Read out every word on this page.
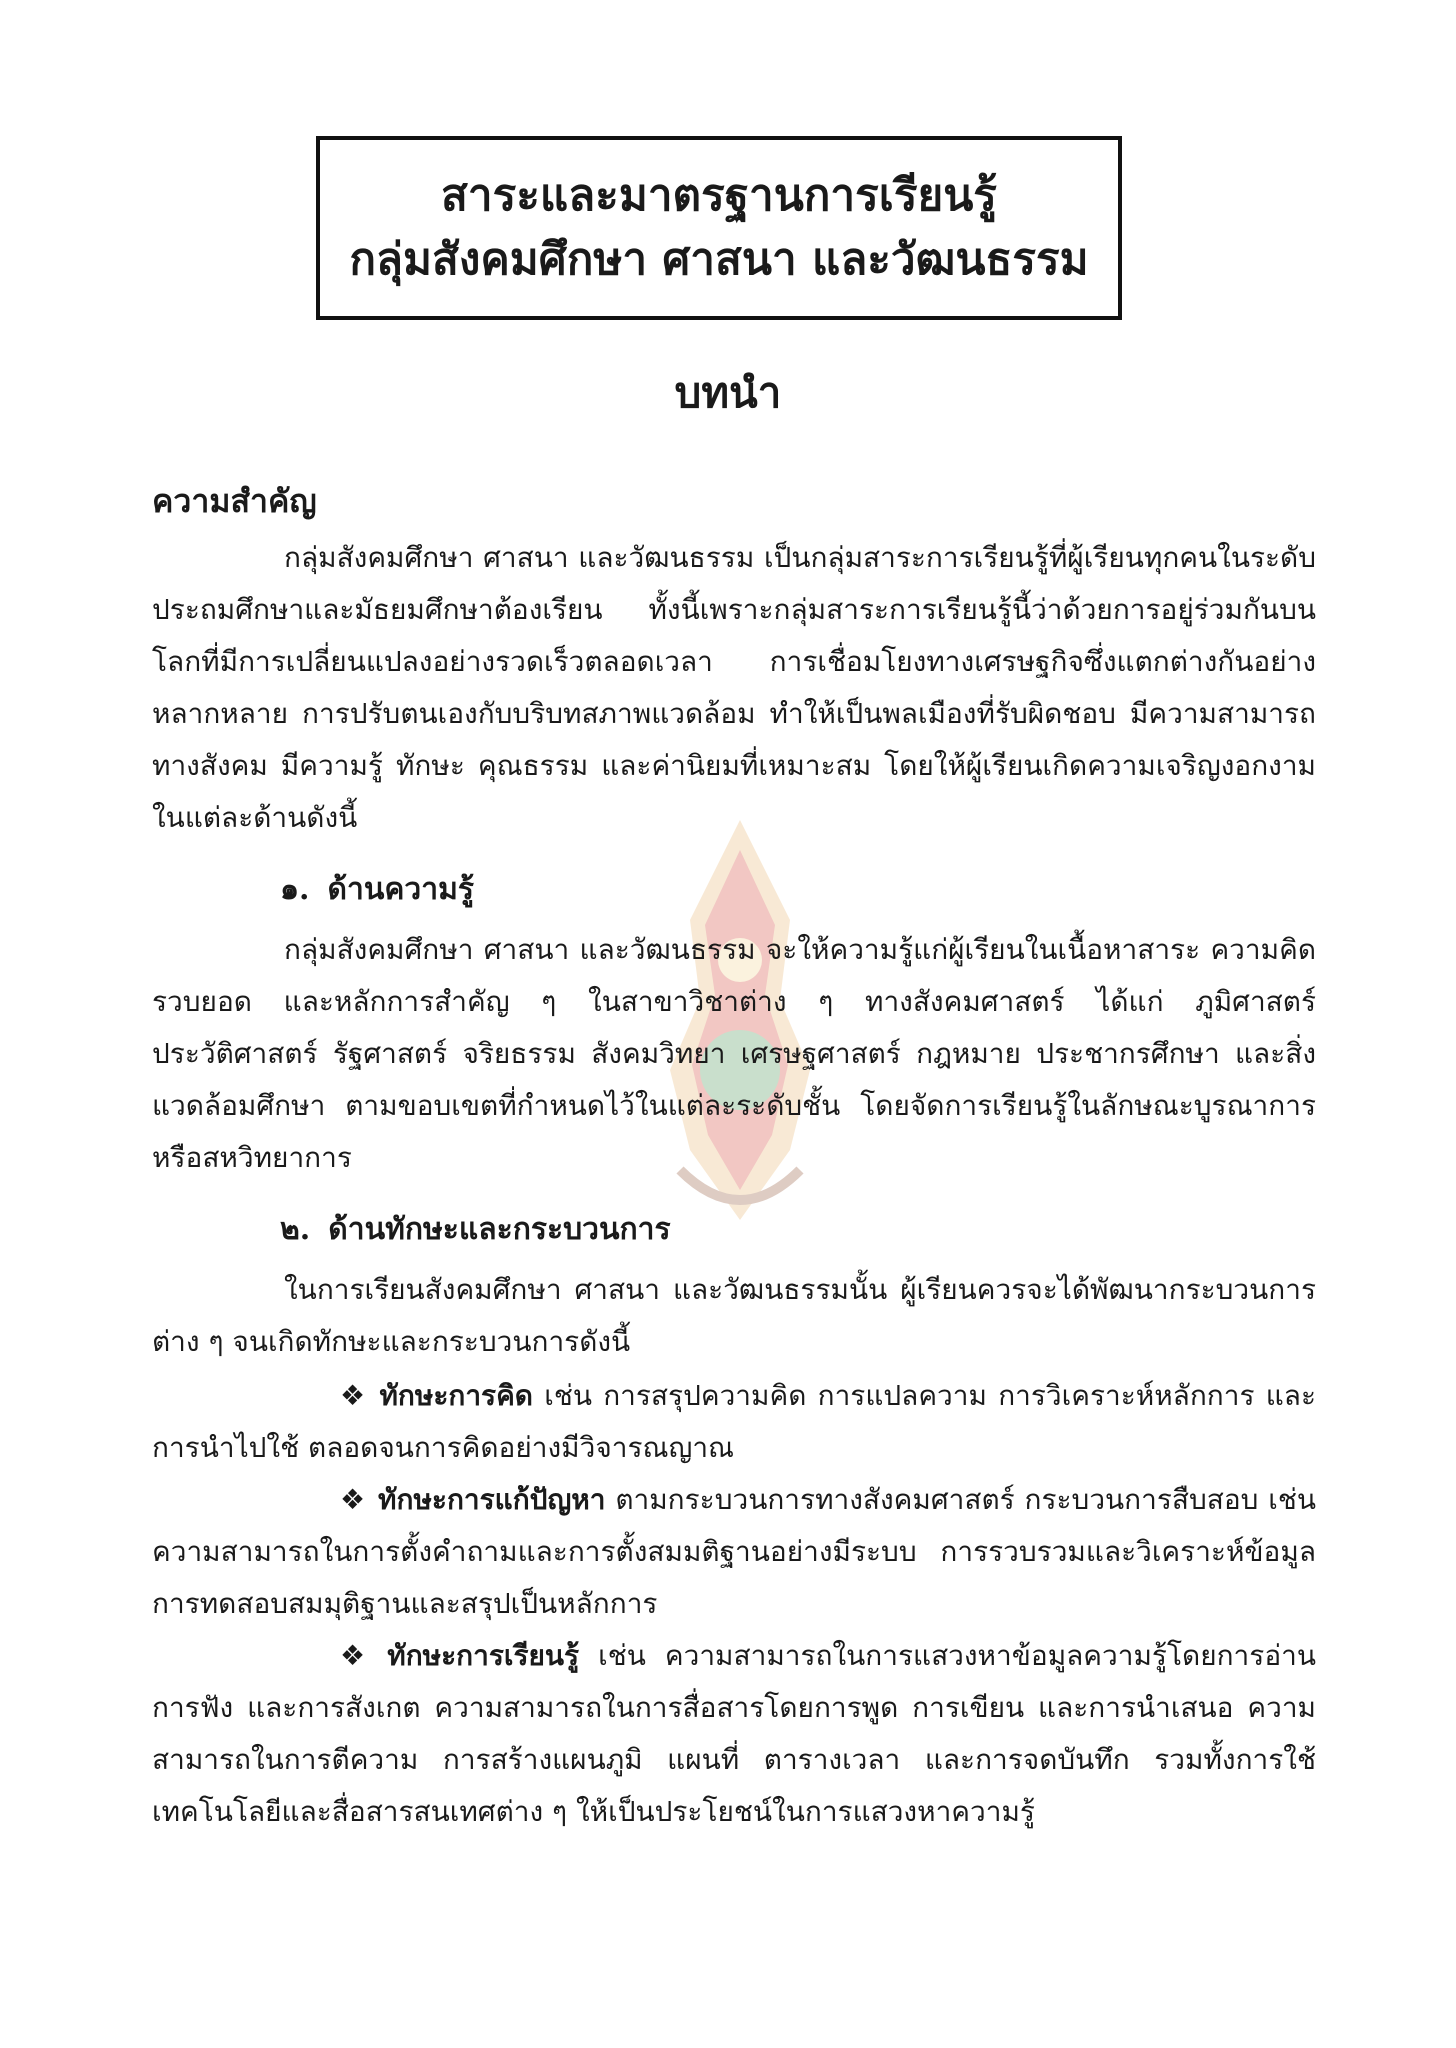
สาระและมาตรฐานการเรียนรู้
กลุ่มสังคมศึกษา ศาสนา และวัฒนธรรม
บทนำ
ความสำคัญ

กลุ่มสังคมศึกษา ศาสนา และวัฒนธรรม เป็นกลุ่มสาระการเรียนรู้ที่ผู้เรียนทุกคนในระดับประถมศึกษาและมัธยมศึกษาต้องเรียน ทั้งนี้เพราะกลุ่มสาระการเรียนรู้นี้ว่าด้วยการอยู่ร่วมกันบนโลกที่มีการเปลี่ยนแปลงอย่างรวดเร็วตลอดเวลา การเชื่อมโยงทางเศรษฐกิจซึ่งแตกต่างกันอย่างหลากหลาย การปรับตนเองกับบริบทสภาพแวดล้อม ทำให้เป็นพลเมืองที่รับผิดชอบ มีความสามารถทางสังคม มีความรู้ ทักษะ คุณธรรม และค่านิยมที่เหมาะสม โดยให้ผู้เรียนเกิดความเจริญงอกงามในแต่ละด้านดังนี้

๑. ด้านความรู้

กลุ่มสังคมศึกษา ศาสนา และวัฒนธรรม จะให้ความรู้แก่ผู้เรียนในเนื้อหาสาระ ความคิดรวบยอด และหลักการสำคัญ ๆ ในสาขาวิชาต่าง ๆ ทางสังคมศาสตร์ ได้แก่ ภูมิศาสตร์ ประวัติศาสตร์ รัฐศาสตร์ จริยธรรม สังคมวิทยา เศรษฐศาสตร์ กฎหมาย ประชากรศึกษา และสิ่งแวดล้อมศึกษา ตามขอบเขตที่กำหนดไว้ในแต่ละระดับชั้น โดยจัดการเรียนรู้ในลักษณะบูรณาการหรือสหวิทยาการ

๒. ด้านทักษะและกระบวนการ

ในการเรียนสังคมศึกษา ศาสนา และวัฒนธรรมนั้น ผู้เรียนควรจะได้พัฒนากระบวนการต่าง ๆ จนเกิดทักษะและกระบวนการดังนี้

❖ ทักษะการคิด เช่น การสรุปความคิด การแปลความ การวิเคราะห์หลักการ และการนำไปใช้ ตลอดจนการคิดอย่างมีวิจารณญาณ

❖ ทักษะการแก้ปัญหา ตามกระบวนการทางสังคมศาสตร์ กระบวนการสืบสอบ เช่น ความสามารถในการตั้งคำถามและการตั้งสมมติฐานอย่างมีระบบ การรวบรวมและวิเคราะห์ข้อมูล การทดสอบสมมุติฐานและสรุปเป็นหลักการ

❖ ทักษะการเรียนรู้ เช่น ความสามารถในการแสวงหาข้อมูลความรู้โดยการอ่าน การฟัง และการสังเกต ความสามารถในการสื่อสารโดยการพูด การเขียน และการนำเสนอ ความสามารถในการตีความ การสร้างแผนภูมิ แผนที่ ตารางเวลา และการจดบันทึก รวมทั้งการใช้เทคโนโลยีและสื่อสารสนเทศต่าง ๆ ให้เป็นประโยชน์ในการแสวงหาความรู้
